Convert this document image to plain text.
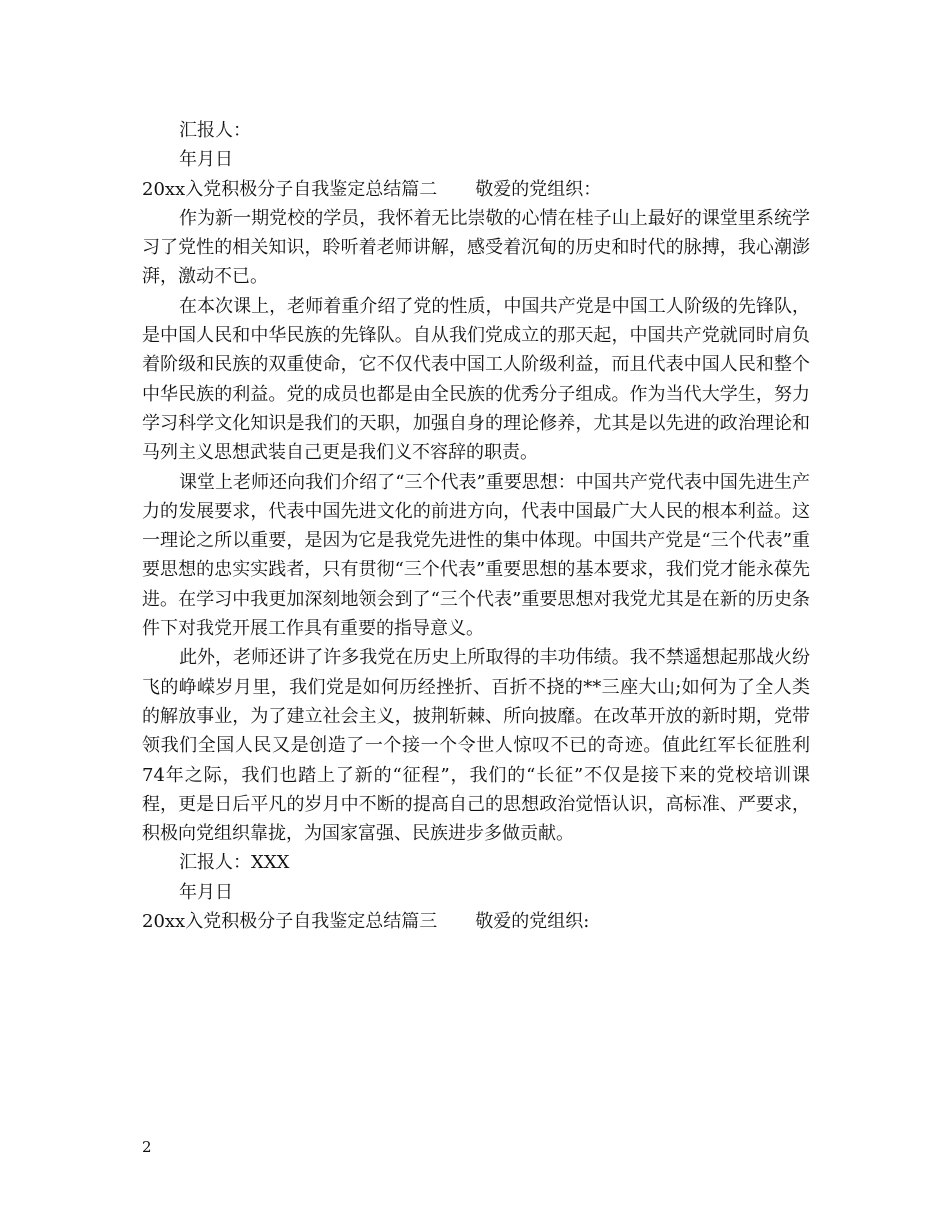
汇报人：

年月日

20xx入党积极分子自我鉴定总结篇二 敬爱的党组织：

作为新一期党校的学员，我怀着无比崇敬的心情在桂子山上最好的课堂里系统学习了党性的相关知识，聆听着老师讲解，感受着沉甸的历史和时代的脉搏，我心潮澎湃，激动不已。

在本次课上，老师着重介绍了党的性质，中国共产党是中国工人阶级的先锋队，是中国人民和中华民族的先锋队。自从我们党成立的那天起，中国共产党就同时肩负着阶级和民族的双重使命，它不仅代表中国工人阶级利益，而且代表中国人民和整个中华民族的利益。党的成员也都是由全民族的优秀分子组成。作为当代大学生，努力学习科学文化知识是我们的天职，加强自身的理论修养，尤其是以先进的政治理论和马列主义思想武装自己更是我们义不容辞的职责。

课堂上老师还向我们介绍了“三个代表”重要思想：中国共产党代表中国先进生产力的发展要求，代表中国先进文化的前进方向，代表中国最广大人民的根本利益。这一理论之所以重要，是因为它是我党先进性的集中体现。中国共产党是“三个代表”重要思想的忠实实践者，只有贯彻“三个代表”重要思想的基本要求，我们党才能永葆先进。在学习中我更加深刻地领会到了“三个代表”重要思想对我党尤其是在新的历史条件下对我党开展工作具有重要的指导意义。

此外，老师还讲了许多我党在历史上所取得的丰功伟绩。我不禁遥想起那战火纷飞的峥嵘岁月里，我们党是如何历经挫折、百折不挠的**三座大山;如何为了全人类的解放事业，为了建立社会主义，披荆斩棘、所向披靡。在改革开放的新时期，党带领我们全国人民又是创造了一个接一个令世人惊叹不已的奇迹。值此红军长征胜利74年之际，我们也踏上了新的“征程”，我们的“长征”不仅是接下来的党校培训课程，更是日后平凡的岁月中不断的提高自己的思想政治觉悟认识，高标准、严要求，积极向党组织靠拢，为国家富强、民族进步多做贡献。

汇报人：XXX

年月日

20xx入党积极分子自我鉴定总结篇三 敬爱的党组织:

2
